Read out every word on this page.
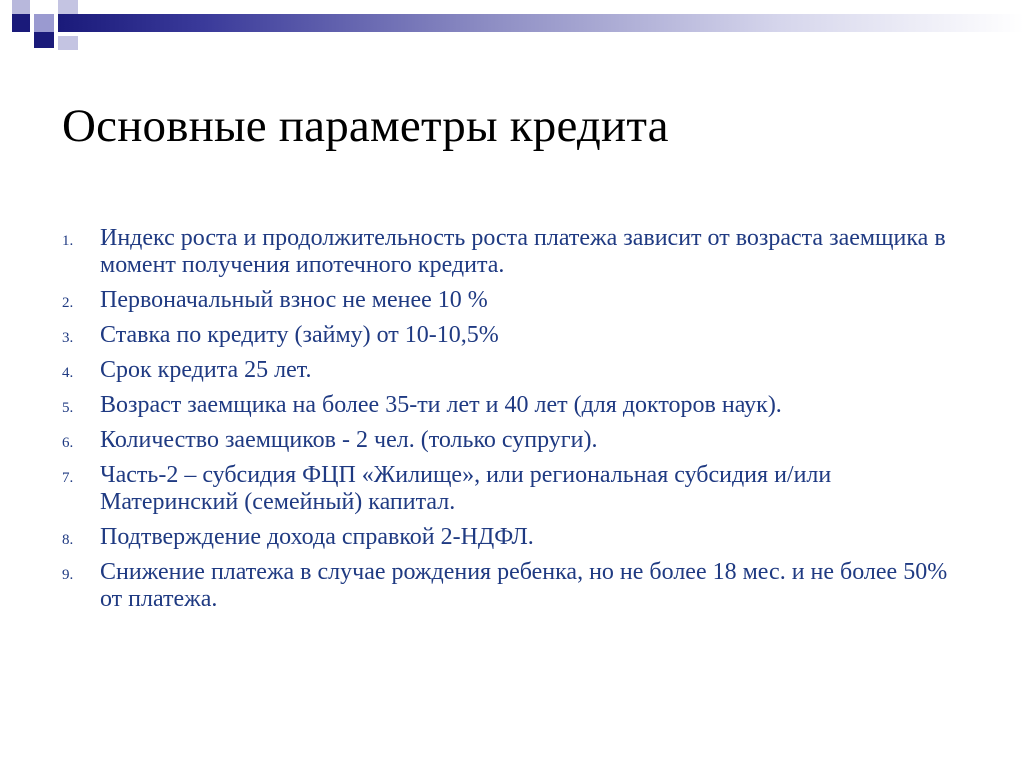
Основные параметры кредита
1. Индекс роста и продолжительность роста платежа зависит от возраста заемщика в момент получения ипотечного кредита.
2. Первоначальный взнос не менее 10 %
3. Ставка по кредиту (займу) от 10-10,5%
4. Срок кредита 25 лет.
5. Возраст заемщика на более 35-ти лет и 40 лет (для докторов наук).
6. Количество заемщиков - 2 чел. (только супруги).
7. Часть-2 – субсидия ФЦП «Жилище», или региональная субсидия и/или Материнский (семейный) капитал.
8. Подтверждение дохода справкой 2-НДФЛ.
9. Снижение платежа в случае рождения ребенка, но не более 18 мес. и не более 50% от платежа.
